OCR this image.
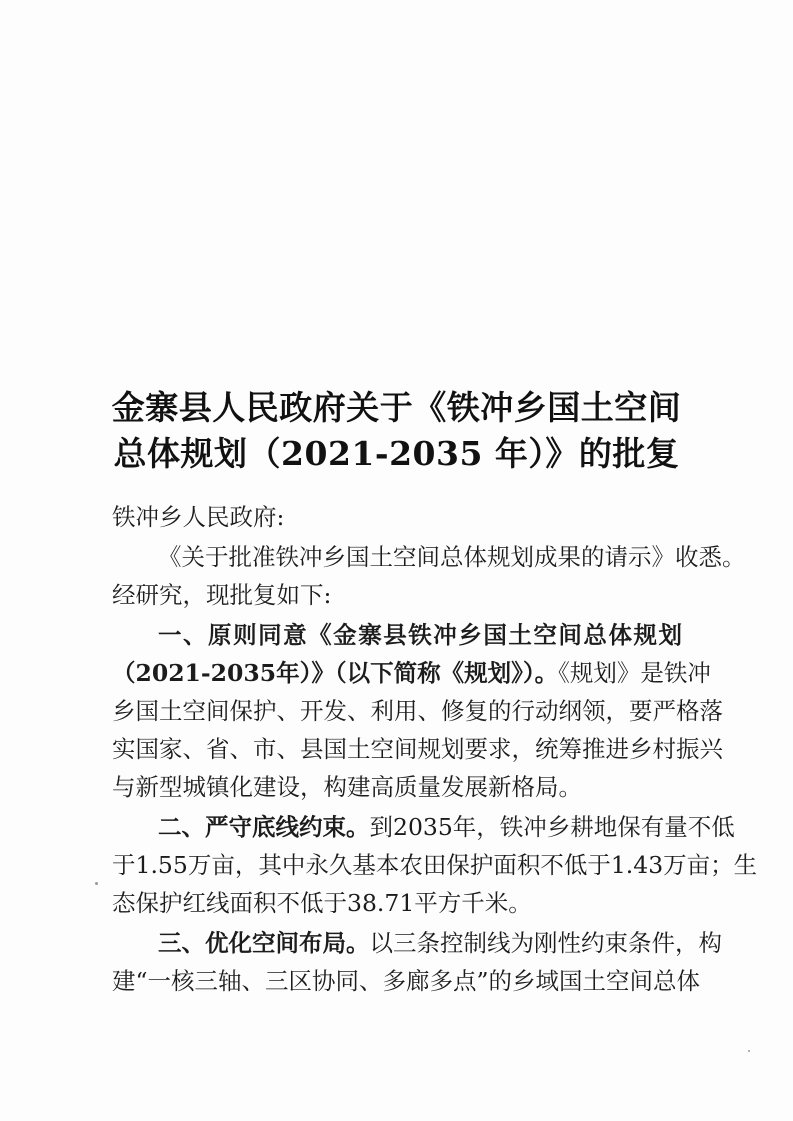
金寨县人民政府关于《铁冲乡国土空间
总体规划（2021-2035 年）》的批复
铁冲乡人民政府:
《关于批准铁冲乡国土空间总体规划成果的请示》收悉。
经研究，现批复如下:
一、原则同意《金寨县铁冲乡国土空间总体规划
（2021-2035年）》（以下简称《规划》）。《规划》是铁冲
乡国土空间保护、开发、利用、修复的行动纲领，要严格落
实国家、省、市、县国土空间规划要求，统筹推进乡村振兴
与新型城镇化建设，构建高质量发展新格局。
二、严守底线约束。到2035年，铁冲乡耕地保有量不低
于1.55万亩，其中永久基本农田保护面积不低于1.43万亩；生
态保护红线面积不低于38.71平方千米。
三、优化空间布局。以三条控制线为刚性约束条件，构
建“一核三轴、三区协同、多廊多点”的乡域国土空间总体
